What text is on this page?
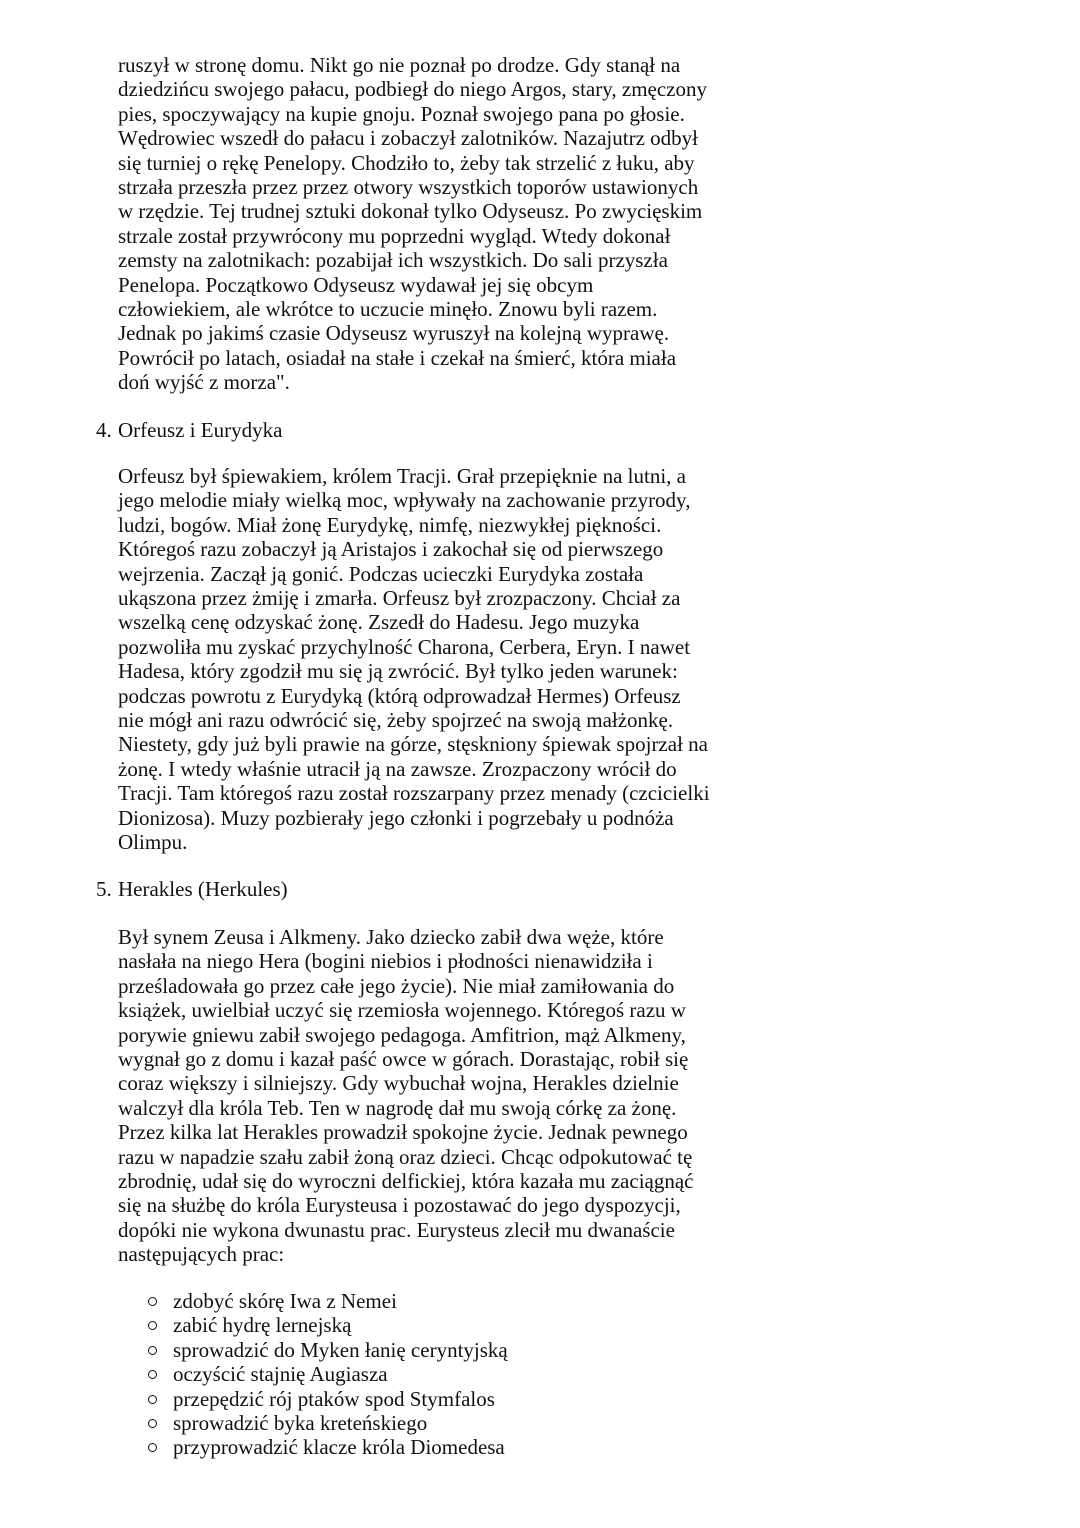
ruszył w stronę domu. Nikt go nie poznał po drodze. Gdy stanął na
dziedzińcu swojego pałacu, podbiegł do niego Argos, stary, zmęczony
pies, spoczywający na kupie gnoju. Poznał swojego pana po głosie.
Wędrowiec wszedł do pałacu i zobaczył zalotników. Nazajutrz odbył
się turniej o rękę Penelopy. Chodziło to, żeby tak strzelić z łuku, aby
strzała przeszła przez przez otwory wszystkich toporów ustawionych
w rzędzie. Tej trudnej sztuki dokonał tylko Odyseusz. Po zwycięskim
strzale został przywrócony mu poprzedni wygląd. Wtedy dokonał
zemsty na zalotnikach: pozabijał ich wszystkich. Do sali przyszła
Penelopa. Początkowo Odyseusz wydawał jej się obcym
człowiekiem, ale wkrótce to uczucie minęło. Znowu byli razem.
Jednak po jakimś czasie Odyseusz wyruszył na kolejną wyprawę.
Powrócił po latach, osiadał na stałe i czekał na śmierć, która miała
doń wyjść z morza".

4. Orfeusz i Eurydyka

Orfeusz był śpiewakiem, królem Tracji. Grał przepięknie na lutni, a
jego melodie miały wielką moc, wpływały na zachowanie przyrody,
ludzi, bogów. Miał żonę Eurydykę, nimfę, niezwykłej piękności.
Któregoś razu zobaczył ją Aristajos i zakochał się od pierwszego
wejrzenia. Zaczął ją gonić. Podczas ucieczki Eurydyka została
ukąszona przez żmiję i zmarła. Orfeusz był zrozpaczony. Chciał za
wszelką cenę odzyskać żonę. Zszedł do Hadesu. Jego muzyka
pozwoliła mu zyskać przychylność Charona, Cerbera, Eryn. I nawet
Hadesa, który zgodził mu się ją zwrócić. Był tylko jeden warunek:
podczas powrotu z Eurydyką (którą odprowadzał Hermes) Orfeusz
nie mógł ani razu odwrócić się, żeby spojrzeć na swoją małżonkę.
Niestety, gdy już byli prawie na górze, stęskniony śpiewak spojrzał na
żonę. I wtedy właśnie utracił ją na zawsze. Zrozpaczony wrócił do
Tracji. Tam któregoś razu został rozszarpany przez menady (czcicielki
Dionizosa). Muzy pozbierały jego członki i pogrzebały u podnóża
Olimpu.

5. Herakles (Herkules)

Był synem Zeusa i Alkmeny. Jako dziecko zabił dwa węże, które
nasłała na niego Hera (bogini niebios i płodności nienawidziła i
prześladowała go przez całe jego życie). Nie miał zamiłowania do
książek, uwielbiał uczyć się rzemiosła wojennego. Któregoś razu w
porywie gniewu zabił swojego pedagoga. Amfitrion, mąż Alkmeny,
wygnał go z domu i kazał paść owce w górach. Dorastając, robił się
coraz większy i silniejszy. Gdy wybuchał wojna, Herakles dzielnie
walczył dla króla Teb. Ten w nagrodę dał mu swoją córkę za żonę.
Przez kilka lat Herakles prowadził spokojne życie. Jednak pewnego
razu w napadzie szału zabił żoną oraz dzieci. Chcąc odpokutować tę
zbrodnię, udał się do wyroczni delfickiej, która kazała mu zaciągnąć
się na służbę do króla Eurysteusa i pozostawać do jego dyspozycji,
dopóki nie wykona dwunastu prac. Eurysteus zlecił mu dwanaście
następujących prac:

zdobyć skórę Iwa z Nemei
zabić hydrę lernejską
sprowadzić do Myken łanię ceryntyjską
oczyścić stajnię Augiasza
przepędzić rój ptaków spod Stymfalos
sprowadzić byka kreteńskiego
przyprowadzić klacze króla Diomedesa
